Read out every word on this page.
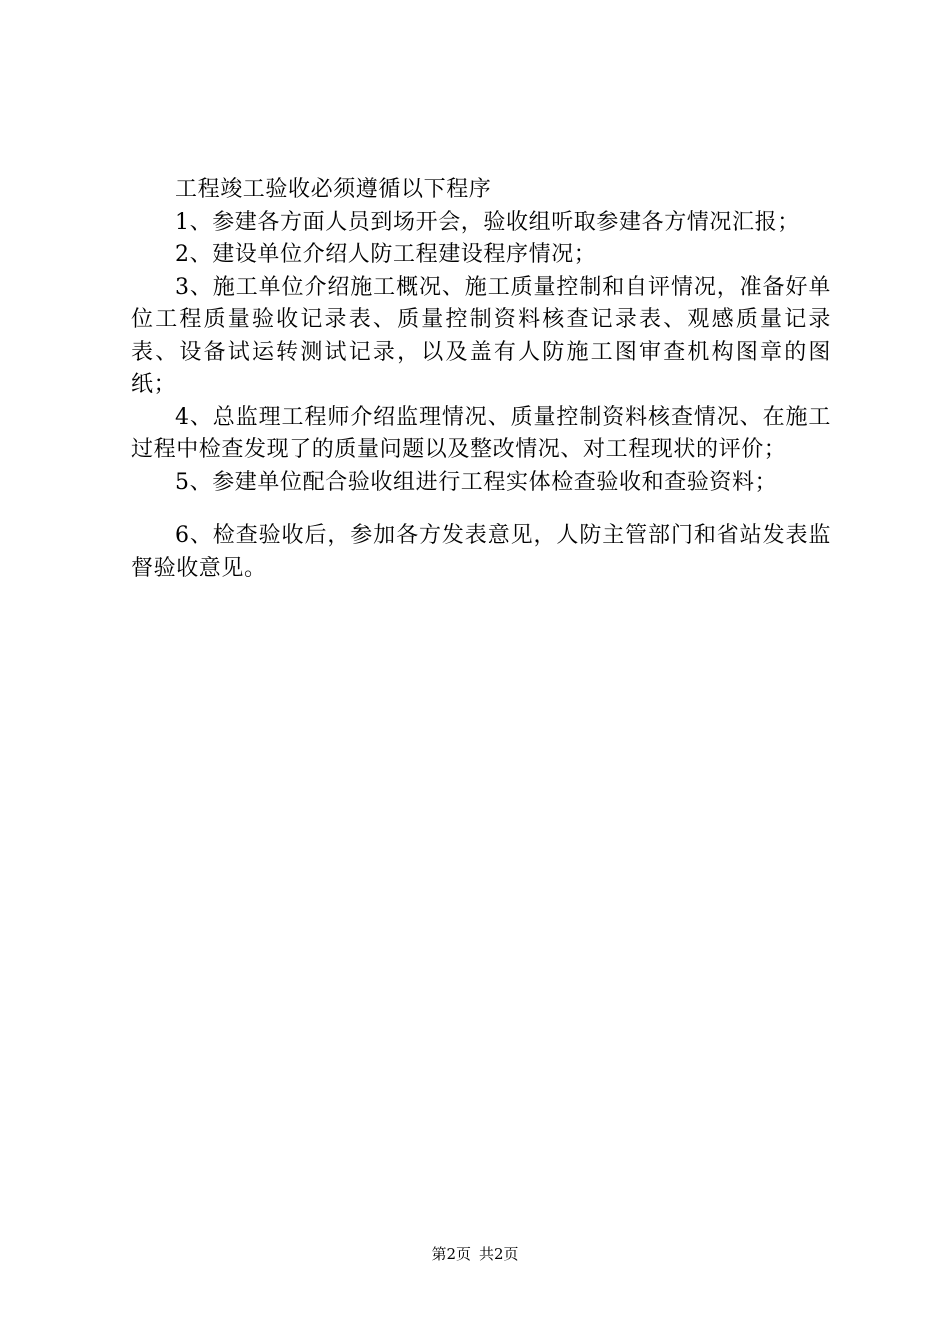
工程竣工验收必须遵循以下程序

1、参建各方面人员到场开会，验收组听取参建各方情况汇报；

2、建设单位介绍人防工程建设程序情况；

3、施工单位介绍施工概况、施工质量控制和自评情况，准备好单位工程质量验收记录表、质量控制资料核查记录表、观感质量记录表、设备试运转测试记录，以及盖有人防施工图审查机构图章的图纸；

4、总监理工程师介绍监理情况、质量控制资料核查情况、在施工过程中检查发现了的质量问题以及整改情况、对工程现状的评价；

5、参建单位配合验收组进行工程实体检查验收和查验资料；

6、检查验收后，参加各方发表意见，人防主管部门和省站发表监督验收意见。

第2页 共2页
